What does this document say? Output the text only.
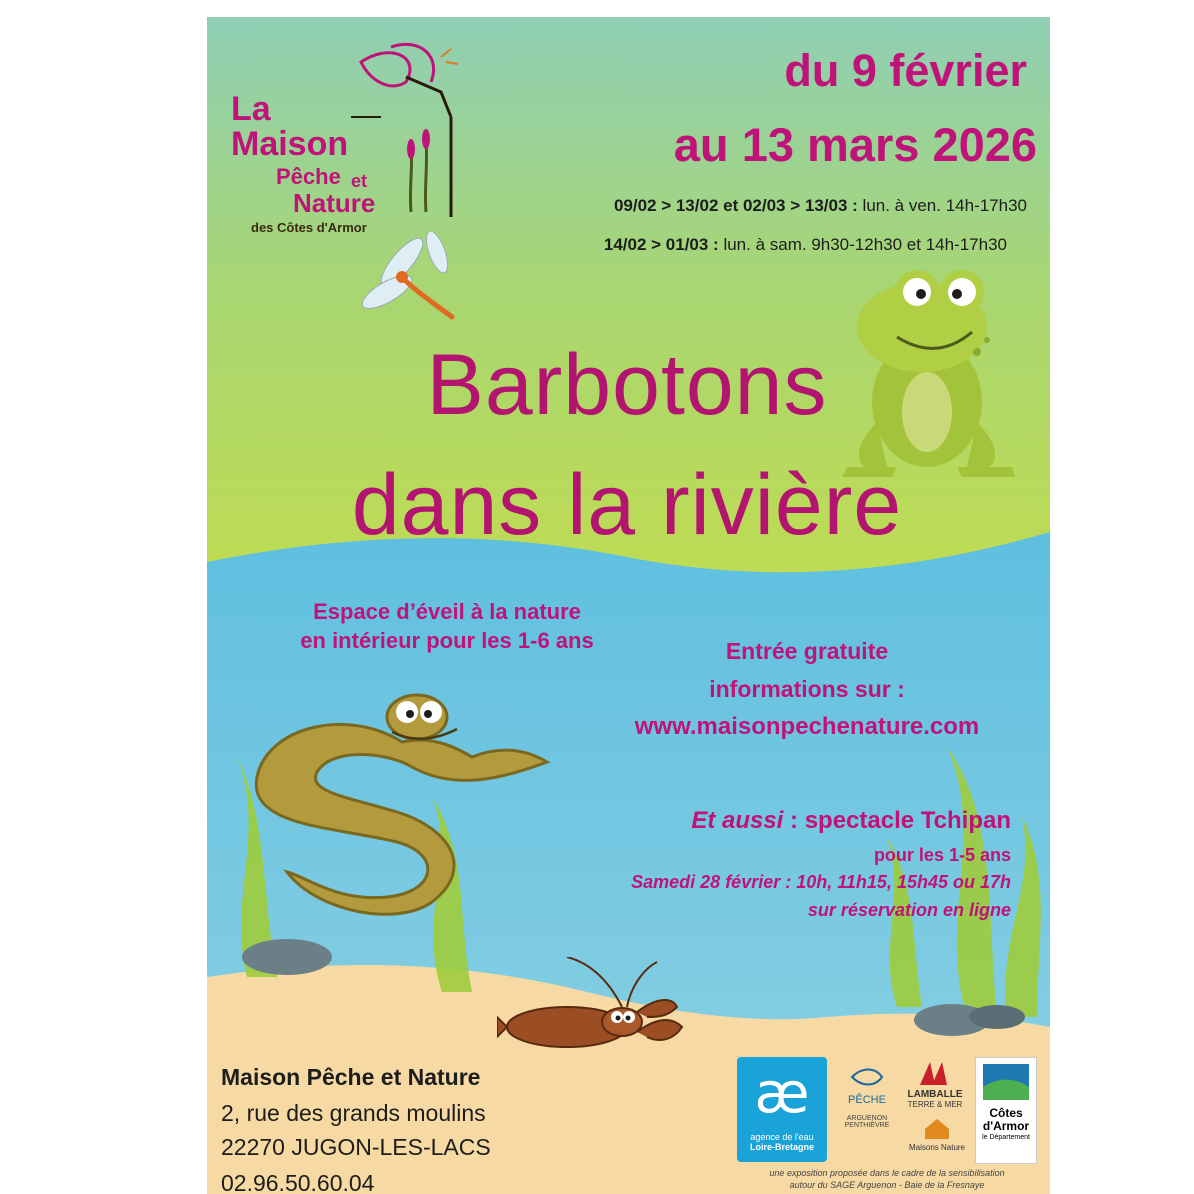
La
Maison
Pêche et
Nature
des Côtes d'Armor
du 9 février
au 13 mars 2026
09/02 > 13/02 et 02/03 > 13/03 : lun. à ven. 14h-17h30
14/02 > 01/03 : lun. à sam. 9h30-12h30 et 14h-17h30
Barbotons
dans la rivière
Espace d’éveil à la nature
en intérieur pour les 1-6 ans	Entrée gratuite
informations sur :
www.maisonpechenature.com
Et aussi : spectacle Tchipan
pour les 1-5 ans
Samedi 28 février : 10h, 11h15, 15h45 ou 17h
sur réservation en ligne
Maison Pêche et Nature
2, rue des grands moulins
22270 JUGON-LES-LACS
02.96.50.60.04
æ
agence de l'eau
Loire-Bretagne
PÊCHE	LAMBALLE
TERRE & MER
ARGUENON PENTHIÈVRE
Maisons Nature
Côtes
d'Armor
le Département
une exposition proposée dans le cadre de la sensibilisation
autour du SAGE Arguenon - Baie de la Fresnaye
